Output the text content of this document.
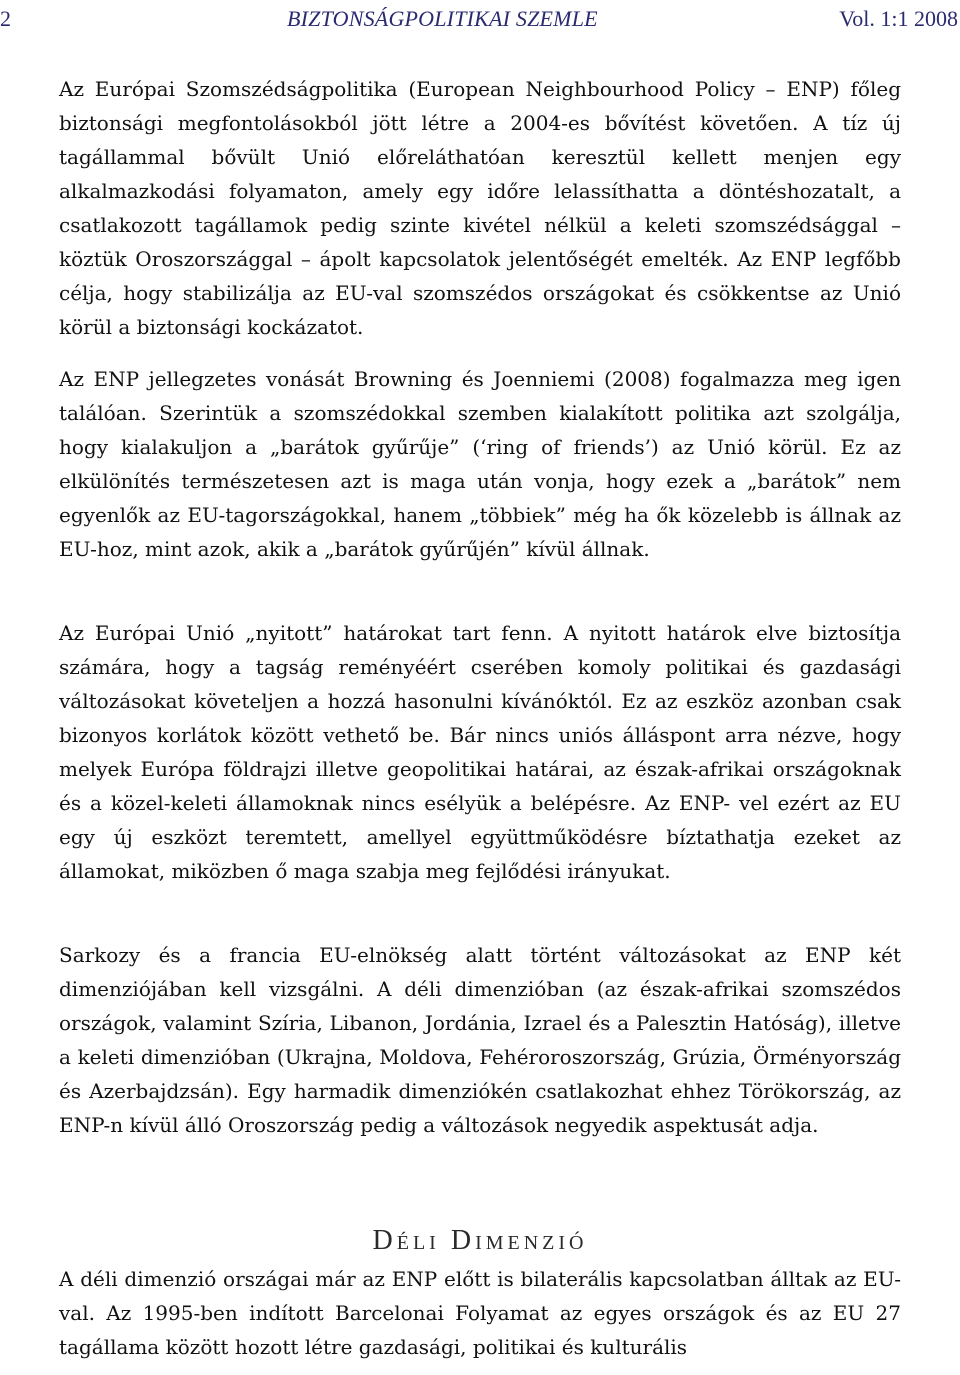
2	BIZTONSÁGPOLITIKAI SZEMLE	Vol. 1:1 2008

Az Európai Szomszédságpolitika (European Neighbourhood Policy – ENP) főleg biztonsági megfontolásokból jött létre a 2004-es bővítést követően. A tíz új tagállammal bővült Unió előreláthatóan keresztül kellett menjen egy alkalmazkodási folyamaton, amely egy időre lelassíthatta a döntéshozatalt, a csatlakozott tagállamok pedig szinte kivétel nélkül a keleti szomszédsággal – köztük Oroszországgal – ápolt kapcsolatok jelentőségét emelték. Az ENP legfőbb célja, hogy stabilizálja az EU-val szomszédos országokat és csökkentse az Unió körül a biztonsági kockázatot.

Az ENP jellegzetes vonását Browning és Joenniemi (2008) fogalmazza meg igen találóan. Szerintük a szomszédokkal szemben kialakított politika azt szolgálja, hogy kialakuljon a „barátok gyűrűje” (‘ring of friends’) az Unió körül. Ez az elkülönítés természetesen azt is maga után vonja, hogy ezek a „barátok” nem egyenlők az EU-tagországokkal, hanem „többiek” még ha ők közelebb is állnak az EU-hoz, mint azok, akik a „barátok gyűrűjén” kívül állnak.

Az Európai Unió „nyitott” határokat tart fenn. A nyitott határok elve biztosítja számára, hogy a tagság reményéért cserében komoly politikai és gazdasági változásokat követeljen a hozzá hasonulni kívánóktól. Ez az eszköz azonban csak bizonyos korlátok között vethető be. Bár nincs uniós álláspont arra nézve, hogy melyek Európa földrajzi illetve geopolitikai határai, az észak-afrikai országoknak és a közel-keleti államoknak nincs esélyük a belépésre. Az ENP- vel ezért az EU egy új eszközt teremtett, amellyel együttműködésre bíztathatja ezeket az államokat, miközben ő maga szabja meg fejlődési irányukat.

Sarkozy és a francia EU-elnökség alatt történt változásokat az ENP két dimenziójában kell vizsgálni. A déli dimenzióban (az észak-afrikai szomszédos országok, valamint Szíria, Libanon, Jordánia, Izrael és a Palesztin Hatóság), illetve a keleti dimenzióban (Ukrajna, Moldova, Fehéroroszország, Grúzia, Örményország és Azerbajdzsán). Egy harmadik dimenziókén csatlakozhat ehhez Törökország, az ENP-n kívül álló Oroszország pedig a változások negyedik aspektusát adja.

DÉLI DIMENZIÓ

A déli dimenzió országai már az ENP előtt is bilaterális kapcsolatban álltak az EU-val. Az 1995-ben indított Barcelonai Folyamat az egyes országok és az EU 27 tagállama között hozott létre gazdasági, politikai és kulturális
